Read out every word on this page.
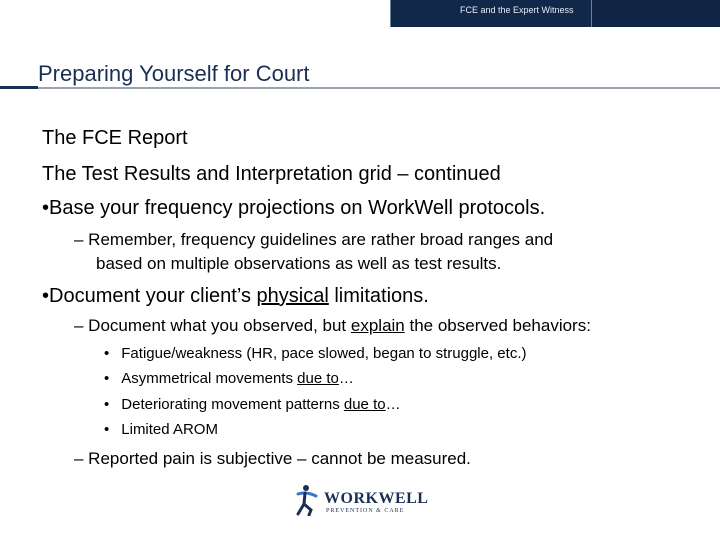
FCE and the Expert Witness
Preparing Yourself for Court
The FCE Report
The Test Results and Interpretation grid – continued
•Base your frequency projections on WorkWell protocols.
– Remember, frequency guidelines are rather broad ranges and
based on multiple observations as well as test results.
•Document your client’s physical limitations.
– Document what you observed, but explain the observed behaviors:
• Fatigue/weakness (HR, pace slowed, began to struggle, etc.)
• Asymmetrical movements due to…
• Deteriorating movement patterns due to…
• Limited AROM
– Reported pain is subjective – cannot be measured.
WORKWELL
PREVENTION & CARE
